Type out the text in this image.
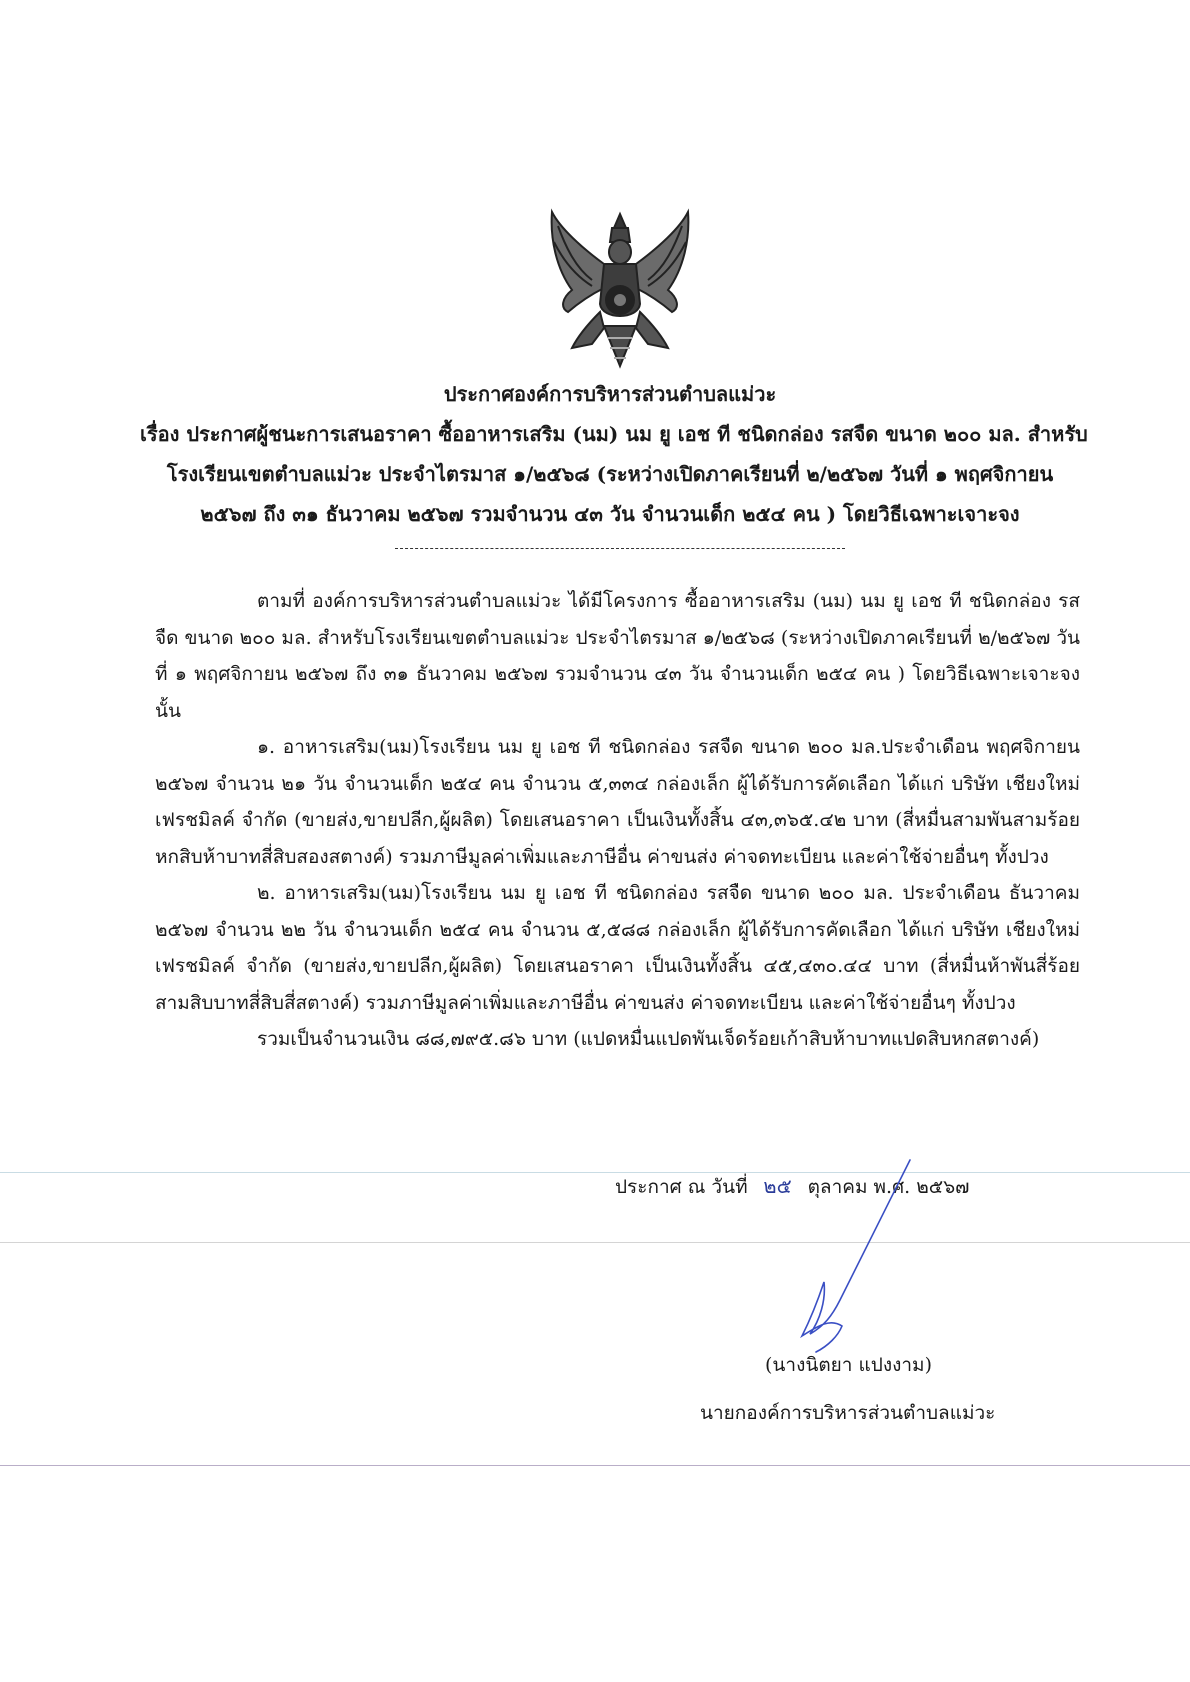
ประกาศองค์การบริหารส่วนตำบลแม่วะ
เรื่อง ประกาศผู้ชนะการเสนอราคา ซื้ออาหารเสริม (นม) นม ยู เอช ที ชนิดกล่อง รสจืด ขนาด ๒๐๐ มล. สำหรับ
โรงเรียนเขตตำบลแม่วะ ประจำไตรมาส ๑/๒๕๖๘ (ระหว่างเปิดภาคเรียนที่ ๒/๒๕๖๗ วันที่ ๑ พฤศจิกายน
๒๕๖๗ ถึง ๓๑ ธันวาคม ๒๕๖๗ รวมจำนวน ๔๓ วัน จำนวนเด็ก ๒๕๔ คน ) โดยวิธีเฉพาะเจาะจง

ตามที่ องค์การบริหารส่วนตำบลแม่วะ ได้มีโครงการ ซื้ออาหารเสริม (นม) นม ยู เอช ที ชนิดกล่อง รสจืด ขนาด ๒๐๐ มล. สำหรับโรงเรียนเขตตำบลแม่วะ ประจำไตรมาส ๑/๒๕๖๘ (ระหว่างเปิดภาคเรียนที่ ๒/๒๕๖๗ วันที่ ๑ พฤศจิกายน ๒๕๖๗ ถึง ๓๑ ธันวาคม ๒๕๖๗ รวมจำนวน ๔๓ วัน จำนวนเด็ก ๒๕๔ คน ) โดยวิธีเฉพาะเจาะจง นั้น

๑. อาหารเสริม(นม)โรงเรียน นม ยู เอช ที ชนิดกล่อง รสจืด ขนาด ๒๐๐ มล.ประจำเดือน พฤศจิกายน ๒๕๖๗ จำนวน ๒๑ วัน จำนวนเด็ก ๒๕๔ คน จำนวน ๕,๓๓๔ กล่องเล็ก ผู้ได้รับการคัดเลือก ได้แก่ บริษัท เชียงใหม่เฟรชมิลค์ จำกัด (ขายส่ง,ขายปลีก,ผู้ผลิต) โดยเสนอราคา เป็นเงินทั้งสิ้น ๔๓,๓๖๕.๔๒ บาท (สี่หมื่นสามพันสามร้อยหกสิบห้าบาทสี่สิบสองสตางค์) รวมภาษีมูลค่าเพิ่มและภาษีอื่น ค่าขนส่ง ค่าจดทะเบียน และค่าใช้จ่ายอื่นๆ ทั้งปวง

๒. อาหารเสริม(นม)โรงเรียน นม ยู เอช ที ชนิดกล่อง รสจืด ขนาด ๒๐๐ มล. ประจำเดือน ธันวาคม ๒๕๖๗ จำนวน ๒๒ วัน จำนวนเด็ก ๒๕๔ คน จำนวน ๕,๕๘๘ กล่องเล็ก ผู้ได้รับการคัดเลือก ได้แก่ บริษัท เชียงใหม่เฟรชมิลค์ จำกัด (ขายส่ง,ขายปลีก,ผู้ผลิต) โดยเสนอราคา เป็นเงินทั้งสิ้น ๔๕,๔๓๐.๔๔ บาท (สี่หมื่นห้าพันสี่ร้อยสามสิบบาทสี่สิบสี่สตางค์) รวมภาษีมูลค่าเพิ่มและภาษีอื่น ค่าขนส่ง ค่าจดทะเบียน และค่าใช้จ่ายอื่นๆ ทั้งปวง

รวมเป็นจำนวนเงิน ๘๘,๗๙๕.๘๖ บาท (แปดหมื่นแปดพันเจ็ดร้อยเก้าสิบห้าบาทแปดสิบหกสตางค์)

ประกาศ ณ วันที่ ๒๕ ตุลาคม พ.ศ. ๒๕๖๗
(นางนิตยา แปงงาม)
นายกองค์การบริหารส่วนตำบลแม่วะ
